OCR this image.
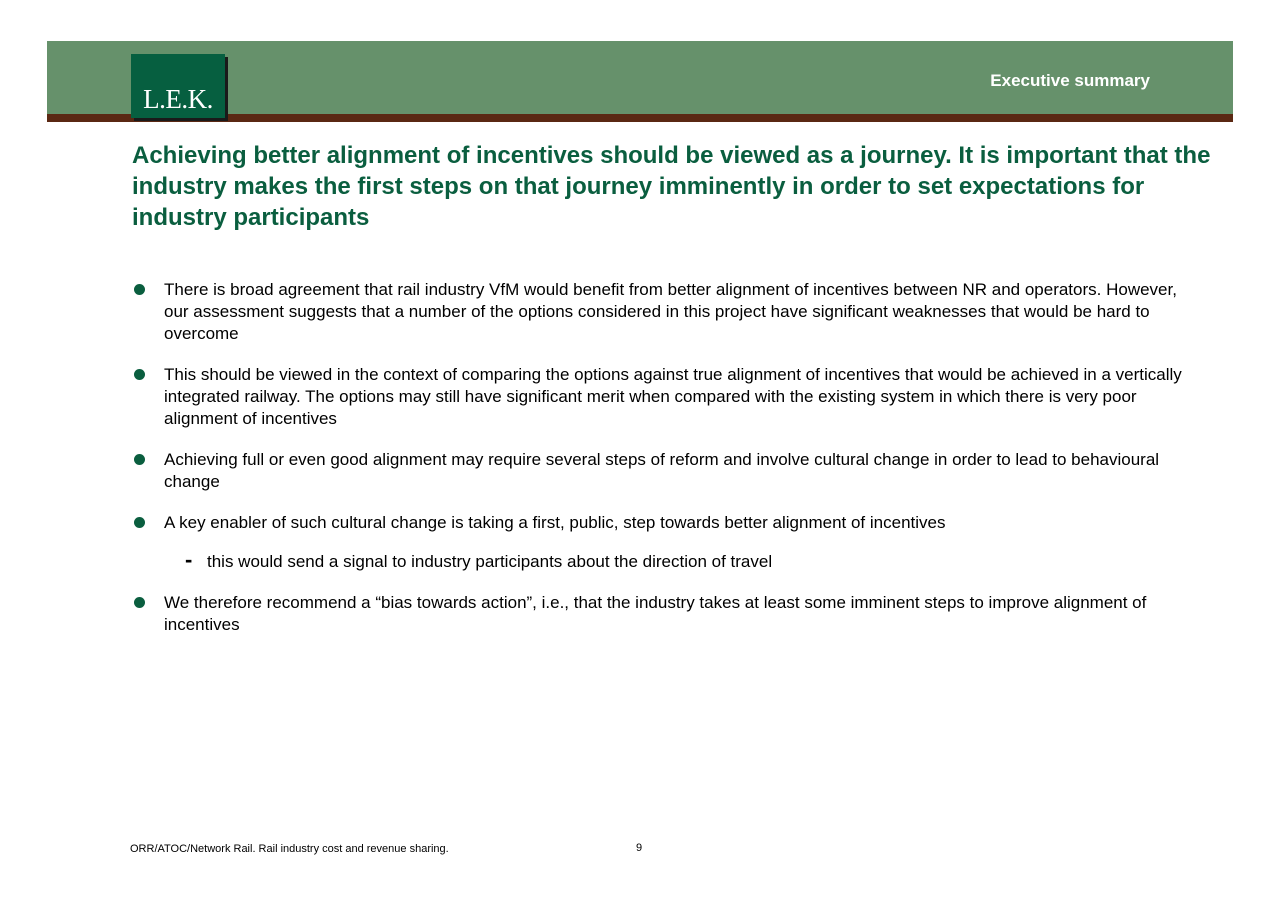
L.E.K.
Executive summary
Achieving better alignment of incentives should be viewed as a journey. It is important that the industry makes the first steps on that journey imminently in order to set expectations for industry participants
There is broad agreement that rail industry VfM would benefit from better alignment of incentives between NR and operators. However, our assessment suggests that a number of the options considered in this project have significant weaknesses that would be hard to overcome
This should be viewed in the context of comparing the options against true alignment of incentives that would be achieved in a vertically integrated railway. The options may still have significant merit when compared with the existing system in which there is very poor alignment of incentives
Achieving full or even good alignment may require several steps of reform and involve cultural change in order to lead to behavioural change
A key enabler of such cultural change is taking a first, public, step towards better alignment of incentives
- this would send a signal to industry participants about the direction of travel
We therefore recommend a “bias towards action”, i.e., that the industry takes at least some imminent steps to improve alignment of incentives
ORR/ATOC/Network Rail. Rail industry cost and revenue sharing.	9
